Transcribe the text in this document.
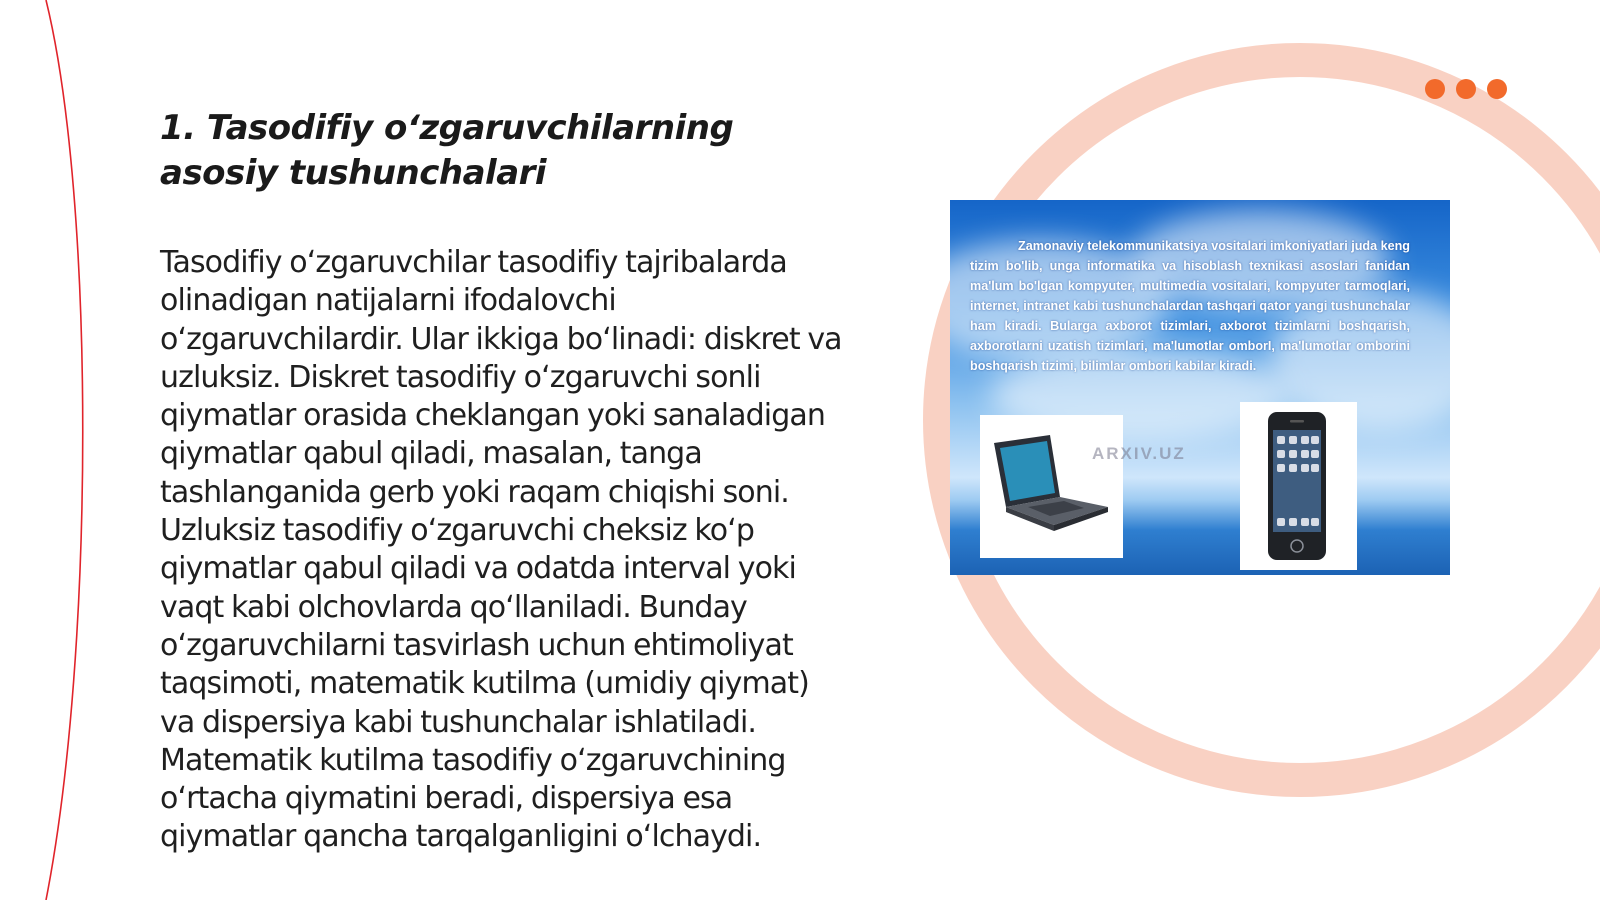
1. Tasodifiy o‘zgaruvchilarning asosiy tushunchalari

Tasodifiy o‘zgaruvchilar tasodifiy tajribalarda olinadigan natijalarni ifodalovchi o‘zgaruvchilardir. Ular ikkiga bo‘linadi: diskret va uzluksiz. Diskret tasodifiy o‘zgaruvchi sonli qiymatlar orasida cheklangan yoki sanaladigan qiymatlar qabul qiladi, masalan, tanga tashlanganida gerb yoki raqam chiqishi soni. Uzluksiz tasodifiy o‘zgaruvchi cheksiz ko‘p qiymatlar qabul qiladi va odatda interval yoki vaqt kabi olchovlarda qo‘llaniladi. Bunday o‘zgaruvchilarni tasvirlash uchun ehtimoliyat taqsimoti, matematik kutilma (umidiy qiymat) va dispersiya kabi tushunchalar ishlatiladi. Matematik kutilma tasodifiy o‘zgaruvchining o‘rtacha qiymatini beradi, dispersiya esa qiymatlar qancha tarqalganligini o‘lchaydi.

Zamonaviy telekommunikatsiya vositalari imkoniyatlari juda keng tizim bo'lib, unga informatika va hisoblash texnikasi asoslari fanidan ma'lum bo'lgan kompyuter, multimedia vositalari, kompyuter tarmoqlari, internet, intranet kabi tushunchalardan tashqari qator yangi tushunchalar ham kiradi. Bularga axborot tizimlari, axborot tizimlarni boshqarish, axborotlarni uzatish tizimlari, ma'lumotlar omborI, ma'lumotlar omborini boshqarish tizimi, bilimlar ombori kabilar kiradi.

ARXIV.UZ
